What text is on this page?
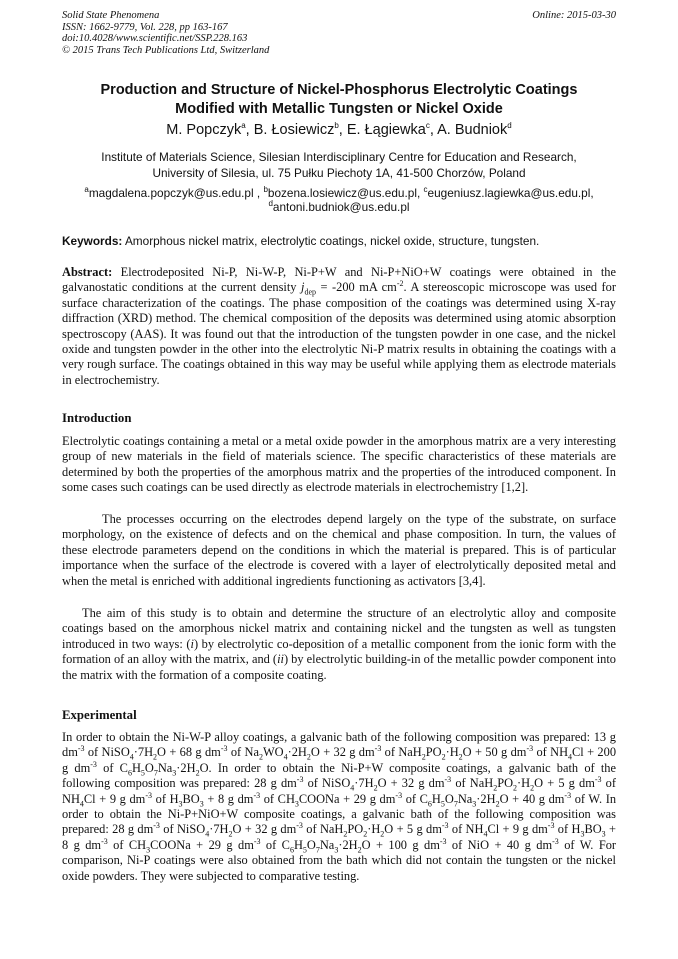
Solid State Phenomena
ISSN: 1662-9779, Vol. 228, pp 163-167
doi:10.4028/www.scientific.net/SSP.228.163
© 2015 Trans Tech Publications Ltd, Switzerland
Online: 2015-03-30
Production and Structure of Nickel-Phosphorus Electrolytic Coatings
Modified with Metallic Tungsten or Nickel Oxide
M. Popczyk$^a$, B. Łosiewicz$^b$, E. Łągiewka$^c$, A. Budniok$^d$
Institute of Materials Science, Silesian Interdisciplinary Centre for Education and Research,
University of Silesia, ul. 75 Pułku Piechoty 1A, 41-500 Chorzów, Poland
$^a$magdalena.popczyk@us.edu.pl , $^b$bozena.losiewicz@us.edu.pl, $^c$eugeniusz.lagiewka@us.edu.pl,
$^d$antoni.budniok@us.edu.pl
Keywords: Amorphous nickel matrix, electrolytic coatings, nickel oxide, structure, tungsten.
Abstract: Electrodeposited Ni-P, Ni-W-P, Ni-P+W and Ni-P+NiO+W coatings were obtained in the galvanostatic conditions at the current density $j_{dep} = -200$ mA $cm^{-2}$. A stereoscopic microscope was used for surface characterization of the coatings. The phase composition of the coatings was determined using X-ray diffraction (XRD) method. The chemical composition of the deposits was determined using atomic absorption spectroscopy (AAS). It was found out that the introduction of the tungsten powder in one case, and the nickel oxide and tungsten powder in the other into the electrolytic Ni-P matrix results in obtaining the coatings with a very rough surface. The coatings obtained in this way may be useful while applying them as electrode materials in electrochemistry.
Introduction
Electrolytic coatings containing a metal or a metal oxide powder in the amorphous matrix are a very interesting group of new materials in the field of materials science. The specific characteristics of these materials are determined by both the properties of the amorphous matrix and the properties of the introduced component. In some cases such coatings can be used directly as electrode materials in electrochemistry [1,2].
The processes occurring on the electrodes depend largely on the type of the substrate, on surface morphology, on the existence of defects and on the chemical and phase composition. In turn, the values of these electrode parameters depend on the conditions in which the material is prepared. This is of particular importance when the surface of the electrode is covered with a layer of electrolytically deposited metal and when the metal is enriched with additional ingredients functioning as activators [3,4].
The aim of this study is to obtain and determine the structure of an electrolytic alloy and composite coatings based on the amorphous nickel matrix and containing nickel and the tungsten as well as tungsten introduced in two ways: (i) by electrolytic co-deposition of a metallic component from the ionic form with the formation of an alloy with the matrix, and (ii) by electrolytic building-in of the metallic powder component into the matrix with the formation of a composite coating.
Experimental
In order to obtain the Ni-W-P alloy coatings, a galvanic bath of the following composition was prepared: 13 g $dm^{-3}$ of $NiSO_4\cdot 7H_2O + 68$ g $dm^{-3}$ of $Na_2WO_4\cdot 2H_2O + 32$ g $dm^{-3}$ of $NaH_2PO_2\cdot H_2O + 50$ g $dm^{-3}$ of $NH_4Cl + 200$ g $dm^{-3}$ of $C_6H_5O_7Na_3\cdot 2H_2O$. In order to obtain the Ni-P+W composite coatings, a galvanic bath of the following composition was prepared: 28 g $dm^{-3}$ of $NiSO_4\cdot 7H_2O + 32$ g $dm^{-3}$ of $NaH_2PO_2\cdot H_2O + 5$ g $dm^{-3}$ of $NH_4Cl + 9$ g $dm^{-3}$ of $H_3BO_3 + 8$ g $dm^{-3}$ of $CH_3COONa + 29$ g $dm^{-3}$ of $C_6H_5O_7Na_3\cdot 2H_2O + 40$ g $dm^{-3}$ of W. In order to obtain the Ni-P+NiO+W composite coatings, a galvanic bath of the following composition was prepared: 28 g $dm^{-3}$ of $NiSO_4\cdot 7H_2O + 32$ g $dm^{-3}$ of $NaH_2PO_2\cdot H_2O + 5$ g $dm^{-3}$ of $NH_4Cl + 9$ g $dm^{-3}$ of $H_3BO_3 + 8$ g $dm^{-3}$ of $CH_3COONa + 29$ g $dm^{-3}$ of $C_6H_5O_7Na_3\cdot 2H_2O + 100$ g $dm^{-3}$ of NiO + 40 g $dm^{-3}$ of W. For comparison, Ni-P coatings were also obtained from the bath which did not contain the tungsten or the nickel oxide powders. They were subjected to comparative testing.
